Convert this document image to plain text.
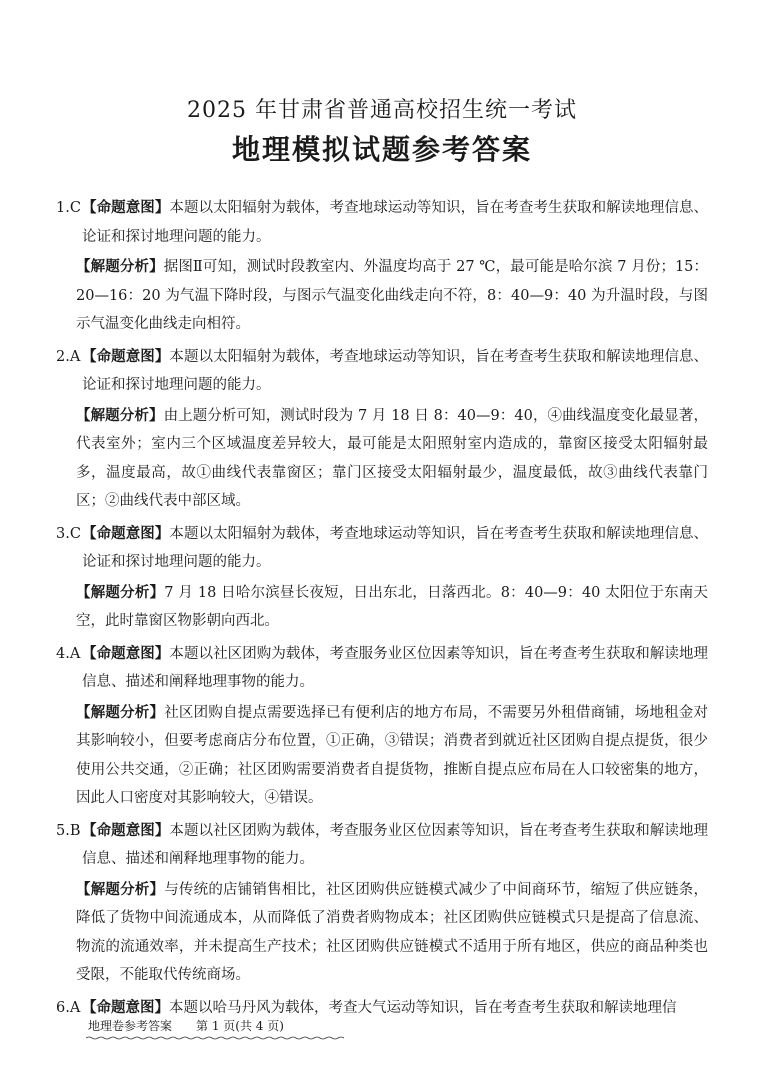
2025 年甘肃省普通高校招生统一考试
地理模拟试题参考答案

1.C【命题意图】本题以太阳辐射为载体，考查地球运动等知识，旨在考查考生获取和解读地理信息、论证和探讨地理问题的能力。

【解题分析】据图Ⅱ可知，测试时段教室内、外温度均高于 27 ℃，最可能是哈尔滨 7 月份；15：20—16：20 为气温下降时段，与图示气温变化曲线走向不符，8：40—9：40 为升温时段，与图示气温变化曲线走向相符。

2.A 【命题意图】本题以太阳辐射为载体，考查地球运动等知识，旨在考查考生获取和解读地理信息、论证和探讨地理问题的能力。

【解题分析】由上题分析可知，测试时段为 7 月 18 日 8：40—9：40，④曲线温度变化最显著，代表室外；室内三个区域温度差异较大，最可能是太阳照射室内造成的，靠窗区接受太阳辐射最多，温度最高，故①曲线代表靠窗区；靠门区接受太阳辐射最少，温度最低，故③曲线代表靠门区；②曲线代表中部区域。

3.C【命题意图】本题以太阳辐射为载体，考查地球运动等知识，旨在考查考生获取和解读地理信息、论证和探讨地理问题的能力。

【解题分析】7 月 18 日哈尔滨昼长夜短，日出东北，日落西北。8：40—9：40 太阳位于东南天空，此时靠窗区物影朝向西北。

4.A 【命题意图】本题以社区团购为载体，考查服务业区位因素等知识，旨在考查考生获取和解读地理信息、描述和阐释地理事物的能力。

【解题分析】社区团购自提点需要选择已有便利店的地方布局，不需要另外租借商铺，场地租金对其影响较小，但要考虑商店分布位置，①正确，③错误；消费者到就近社区团购自提点提货，很少使用公共交通，②正确；社区团购需要消费者自提货物，推断自提点应布局在人口较密集的地方，因此人口密度对其影响较大，④错误。

5.B 【命题意图】本题以社区团购为载体，考查服务业区位因素等知识，旨在考查考生获取和解读地理信息、描述和阐释地理事物的能力。

【解题分析】与传统的店铺销售相比，社区团购供应链模式减少了中间商环节，缩短了供应链条，降低了货物中间流通成本，从而降低了消费者购物成本；社区团购供应链模式只是提高了信息流、物流的流通效率，并未提高生产技术；社区团购供应链模式不适用于所有地区，供应的商品种类也受限，不能取代传统商场。

6.A 【命题意图】本题以哈马丹风为载体，考查大气运动等知识，旨在考查考生获取和解读地理信

地理卷参考答案　　第 1 页(共 4 页)
